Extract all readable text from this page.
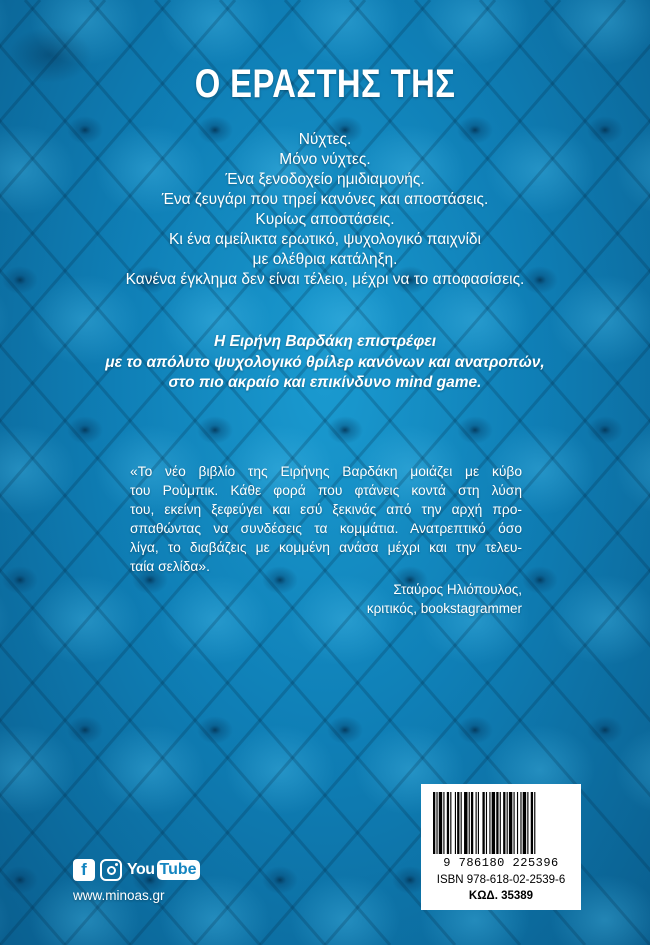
Ο ΕΡΑΣΤΗΣ ΤΗΣ
Νύχτες.
Μόνο νύχτες.
Ένα ξενοδοχείο ημιδιαμονής.
Ένα ζευγάρι που τηρεί κανόνες και αποστάσεις.
Κυρίως αποστάσεις.
Κι ένα αμείλικτα ερωτικό, ψυχολογικό παιχνίδι
με ολέθρια κατάληξη.
Κανένα έγκλημα δεν είναι τέλειο, μέχρι να το αποφασίσεις.
Η Ειρήνη Βαρδάκη επιστρέφει
με το απόλυτο ψυχολογικό θρίλερ κανόνων και ανατροπών,
στο πιο ακραίο και επικίνδυνο mind game.
«Το νέο βιβλίο της Ειρήνης Βαρδάκη μοιάζει με κύβο
του Ρούμπικ. Κάθε φορά που φτάνεις κοντά στη λύση
του, εκείνη ξεφεύγει και εσύ ξεκινάς από την αρχή προ-
σπαθώντας να συνδέσεις τα κομμάτια. Ανατρεπτικό όσο
λίγα, το διαβάζεις με κομμένη ανάσα μέχρι και την τελευ-
ταία σελίδα».
Σταύρος Ηλιόπουλος,
κριτικός, bookstagrammer
9 786180 225396
ISBN 978-618-02-2539-6
ΚΩΔ. 35389
f	You Tube
www.minoas.gr
